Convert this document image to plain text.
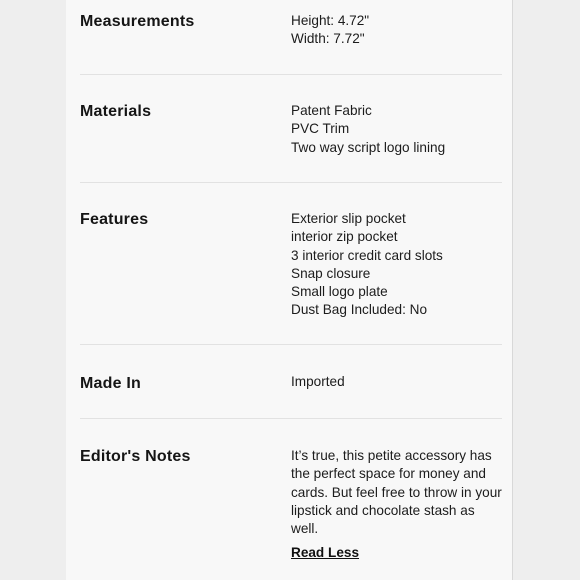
Measurements	Height: 4.72"
Width: 7.72"
Materials	Patent Fabric
PVC Trim
Two way script logo lining
Features	Exterior slip pocket
interior zip pocket
3 interior credit card slots
Snap closure
Small logo plate
Dust Bag Included: No
Made In	Imported
Editor's Notes	It’s true, this petite accessory has the perfect space for money and cards. But feel free to throw in your lipstick and chocolate stash as well.
Read Less
